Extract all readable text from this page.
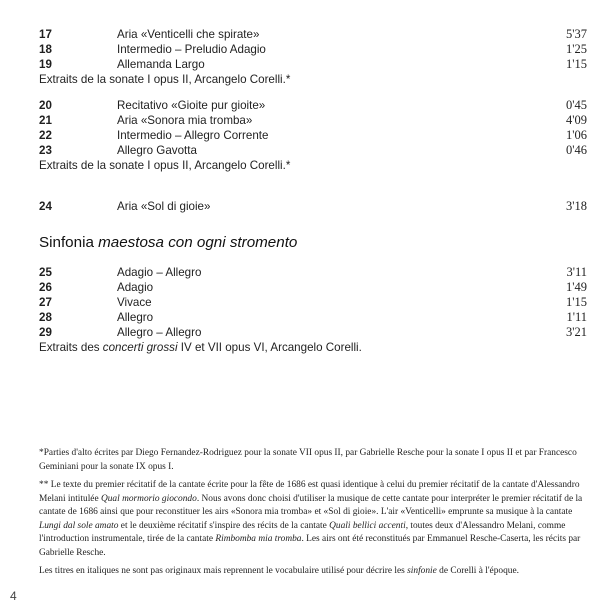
17	Aria «Venticelli che spirate»	5'37
18	Intermedio – Preludio Adagio	1'25
19	Allemanda Largo	1'15
Extraits de la sonate I opus II, Arcangelo Corelli.*
20	Recitativo «Gioite pur gioite»	0'45
21	Aria «Sonora mia tromba»	4'09
22	Intermedio – Allegro Corrente	1'06
23	Allegro Gavotta	0'46
Extraits de la sonate I opus II, Arcangelo Corelli.*
24	Aria «Sol di gioie»	3'18
Sinfonia maestosa con ogni stromento
25	Adagio – Allegro	3'11
26	Adagio	1'49
27	Vivace	1'15
28	Allegro	1'11
29	Allegro – Allegro	3'21
Extraits des concerti grossi IV et VII opus VI, Arcangelo Corelli.

*Parties d'alto écrites par Diego Fernandez-Rodriguez pour la sonate VII opus II, par Gabrielle Resche pour la sonate I opus II et par Francesco Geminiani pour la sonate IX opus I.

** Le texte du premier récitatif de la cantate écrite pour la fête de 1686 est quasi identique à celui du premier récitatif de la cantate d'Alessandro Melani intitulée Qual mormorio giocondo. Nous avons donc choisi d'utiliser la musique de cette cantate pour interpréter le premier récitatif de la cantate de 1686 ainsi que pour reconstituer les airs «Sonora mia tromba» et «Sol di gioie». L'air «Venticelli» emprunte sa musique à la cantate Lungi dal sole amato et le deuxième récitatif s'inspire des récits de la cantate Quali bellici accenti, toutes deux d'Alessandro Melani, comme l'introduction instrumentale, tirée de la cantate Rimbomba mia tromba. Les airs ont été reconstitués par Emmanuel Resche-Caserta, les récits par Gabrielle Resche.

Les titres en italiques ne sont pas originaux mais reprennent le vocabulaire utilisé pour décrire les sinfonie de Corelli à l'époque.

4
